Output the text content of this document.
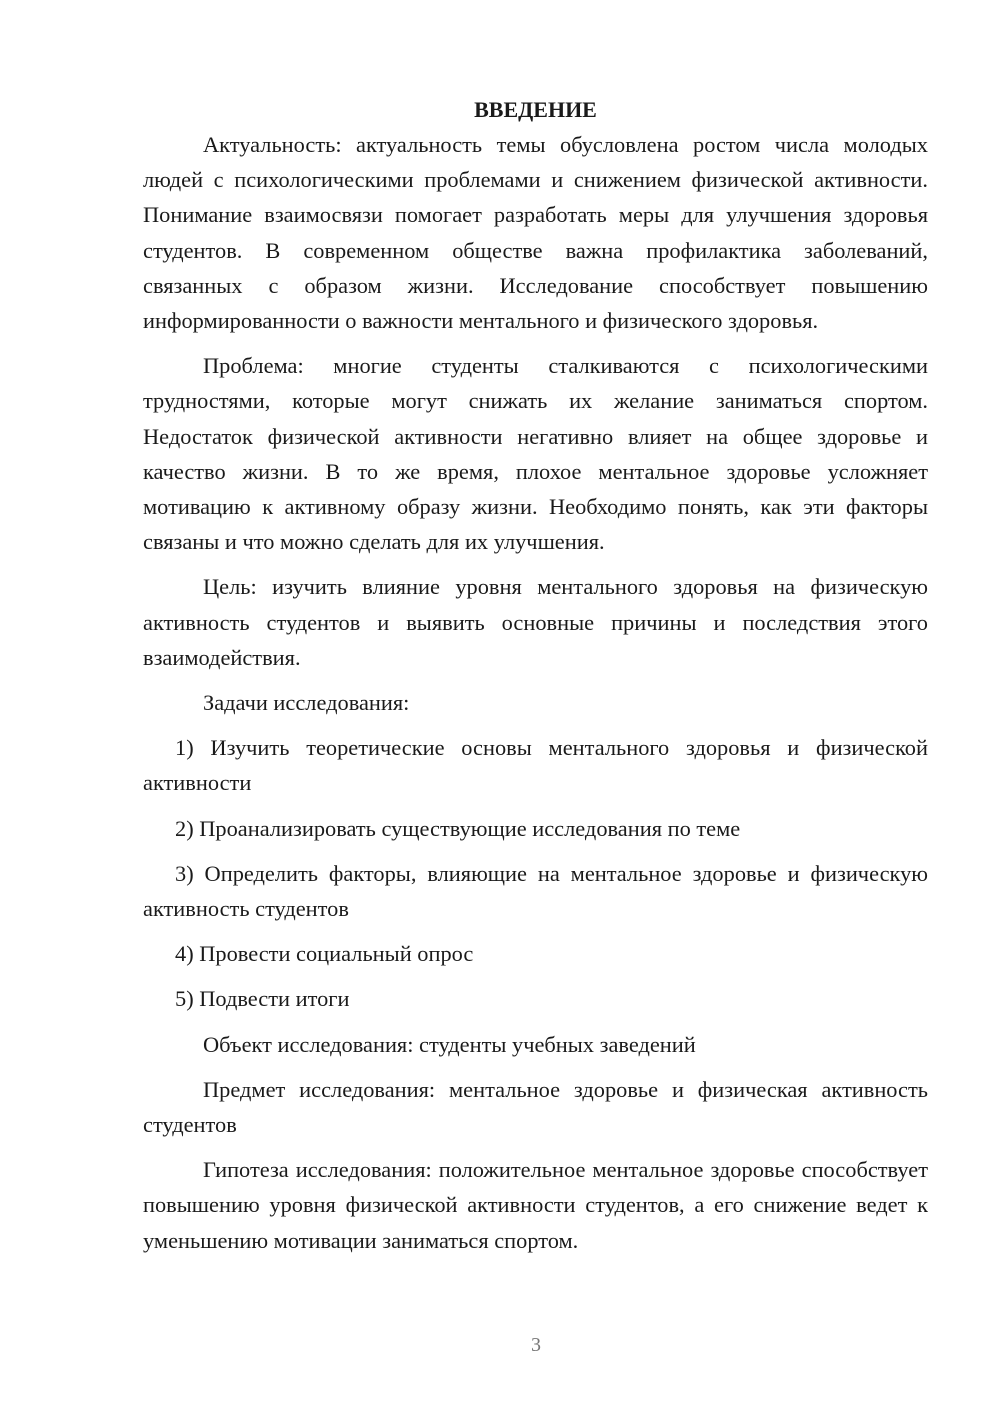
ВВЕДЕНИЕ

Актуальность: актуальность темы обусловлена ростом числа молодых людей с психологическими проблемами и снижением физической активности. Понимание взаимосвязи помогает разработать меры для улучшения здоровья студентов. В современном обществе важна профилактика заболеваний, связанных с образом жизни. Исследование способствует повышению информированности о важности ментального и физического здоровья.

Проблема: многие студенты сталкиваются с психологическими трудностями, которые могут снижать их желание заниматься спортом. Недостаток физической активности негативно влияет на общее здоровье и качество жизни. В то же время, плохое ментальное здоровье усложняет мотивацию к активному образу жизни. Необходимо понять, как эти факторы связаны и что можно сделать для их улучшения.

Цель: изучить влияние уровня ментального здоровья на физическую активность студентов и выявить основные причины и последствия этого взаимодействия.

Задачи исследования:

1) Изучить теоретические основы ментального здоровья и физической активности

2) Проанализировать существующие исследования по теме

3) Определить факторы, влияющие на ментальное здоровье и физическую активность студентов

4) Провести социальный опрос

5) Подвести итоги

Объект исследования: студенты учебных заведений

Предмет исследования: ментальное здоровье и физическая активность студентов

Гипотеза исследования: положительное ментальное здоровье способствует повышению уровня физической активности студентов, а его снижение ведет к уменьшению мотивации заниматься спортом.

3
